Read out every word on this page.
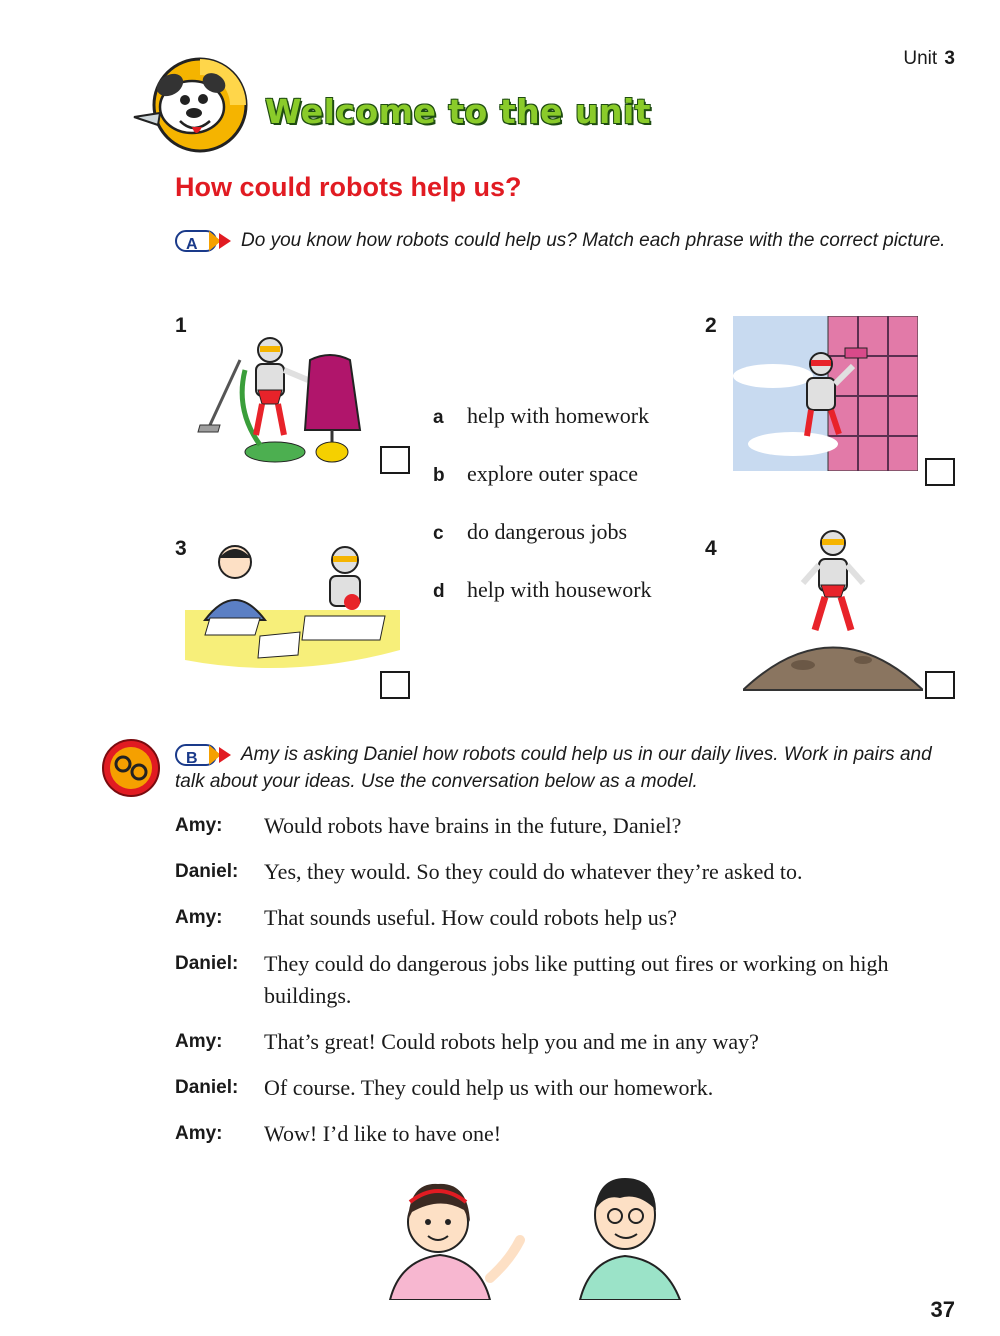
Unit 3
Welcome to the unit
How could robots help us?
A Do you know how robots could help us? Match each phrase with the correct picture.
1	2
3	4
a	help with homework
b	explore outer space
c	do dangerous jobs
d	help with housework
B Amy is asking Daniel how robots could help us in our daily lives. Work in pairs and talk about your ideas. Use the conversation below as a model.
Amy:	Would robots have brains in the future, Daniel?
Daniel:	Yes, they would. So they could do whatever they’re asked to.
Amy:	That sounds useful. How could robots help us?
Daniel:	They could do dangerous jobs like putting out fires or working on high buildings.
Amy:	That’s great! Could robots help you and me in any way?
Daniel:	Of course. They could help us with our homework.
Amy:	Wow! I’d like to have one!
37
